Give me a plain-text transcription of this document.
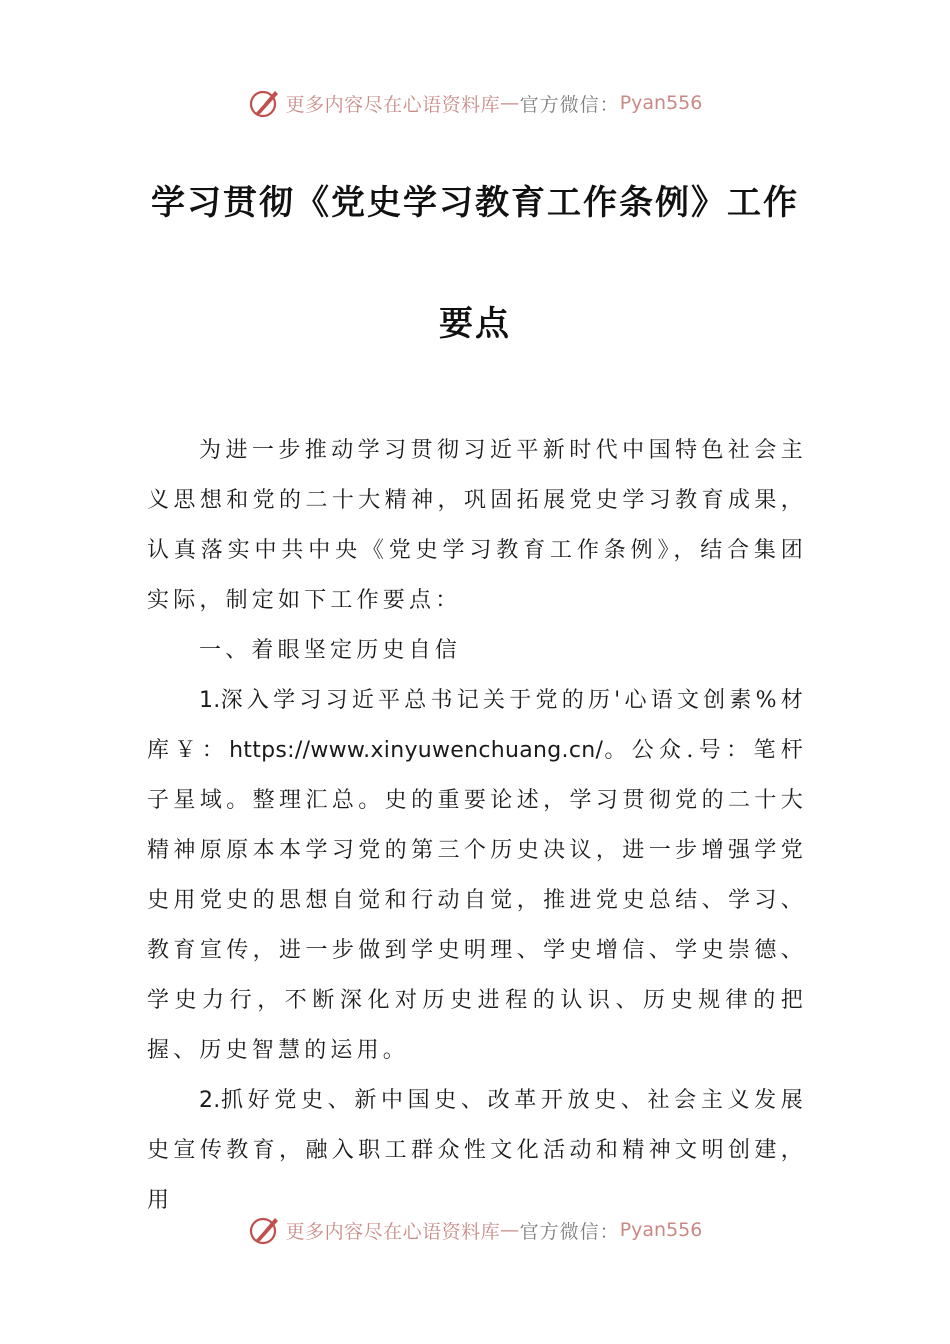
更多内容尽在心语资料库 — 官方微信： Pyan556
学习贯彻《党史学习教育工作条例》工作
要点

为进一步推动学习贯彻习近平新时代中国特色社会主义思想和党的二十大精神，巩固拓展党史学习教育成果，认真落实中共中央《党史学习教育工作条例》，结合集团实际，制定如下工作要点：

一、着眼坚定历史自信

1.深入学习习近平总书记关于党的历'心语文创素%材库￥：https://www.xinyuwenchuang.cn/。公众.号：笔杆子星域。整理汇总。史的重要论述，学习贯彻党的二十大精神原原本本学习党的第三个历史决议，进一步增强学党史用党史的思想自觉和行动自觉，推进党史总结、学习、教育宣传，进一步做到学史明理、学史增信、学史崇德、学史力行，不断深化对历史进程的认识、历史规律的把握、历史智慧的运用。

2.抓好党史、新中国史、改革开放史、社会主义发展史宣传教育，融入职工群众性文化活动和精神文明创建，用

更多内容尽在心语资料库 — 官方微信： Pyan556
